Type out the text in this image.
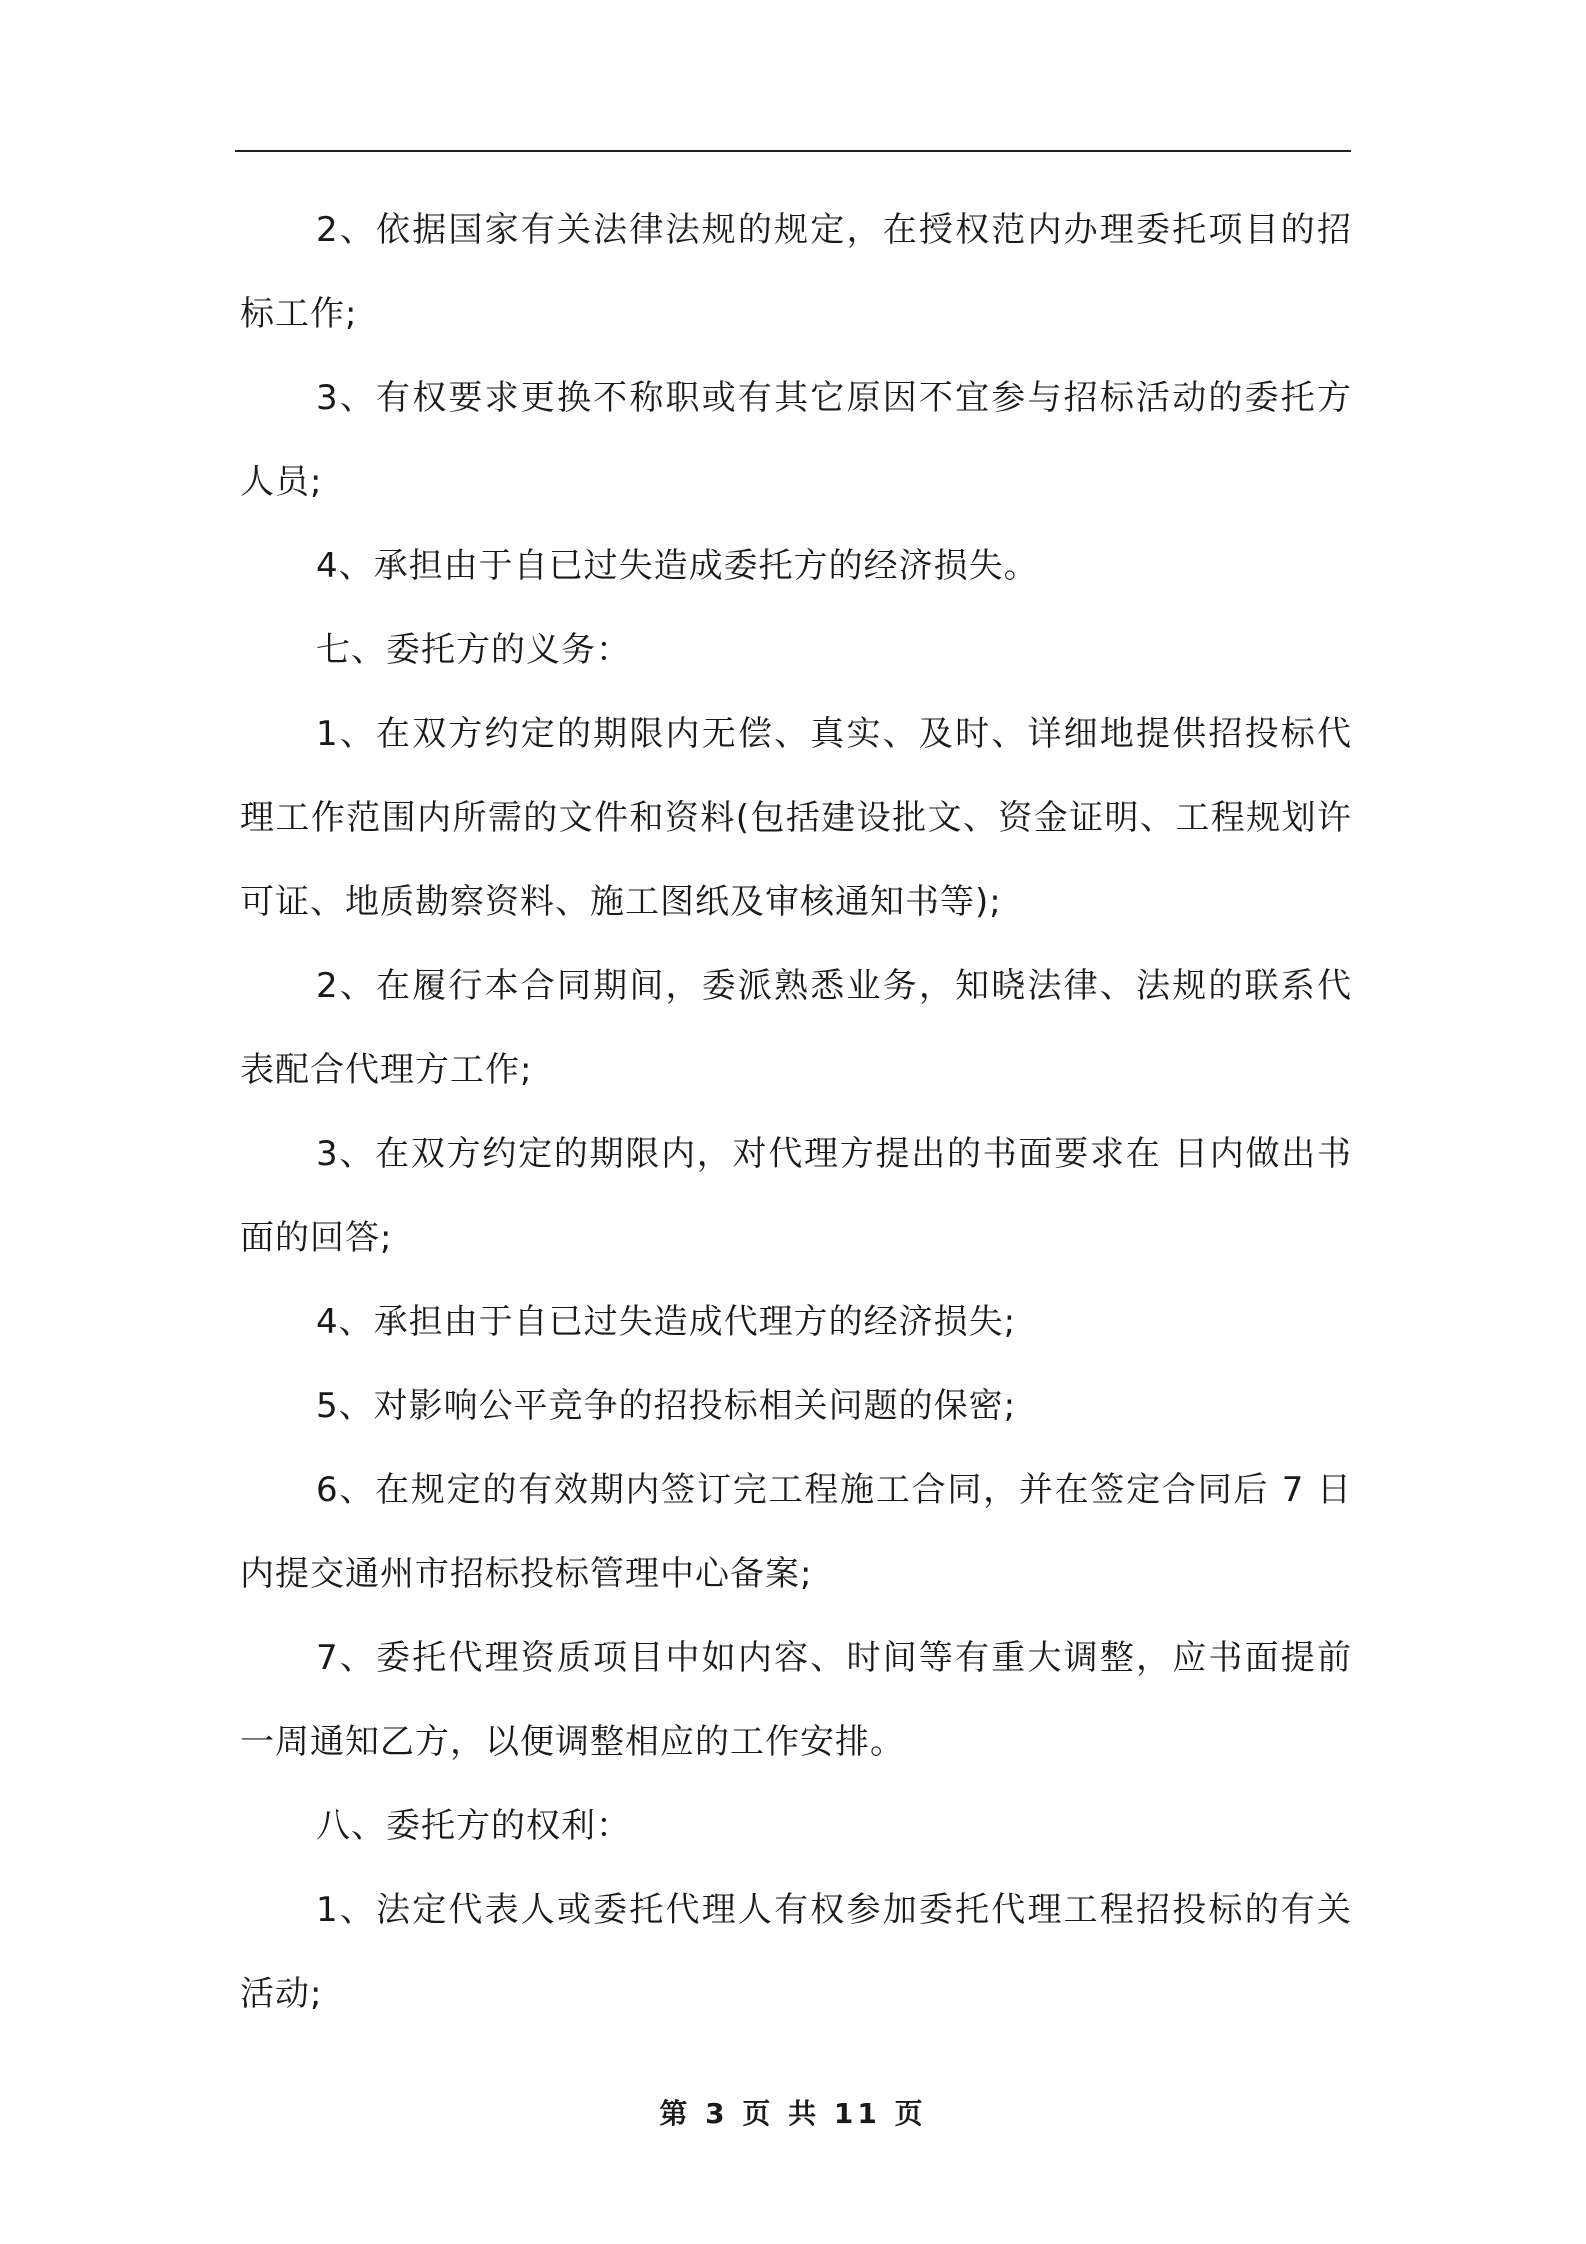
2、依据国家有关法律法规的规定，在授权范内办理委托项目的招标工作;

3、有权要求更换不称职或有其它原因不宜参与招标活动的委托方人员;

4、承担由于自已过失造成委托方的经济损失。

七、委托方的义务：

1、在双方约定的期限内无偿、真实、及时、详细地提供招投标代理工作范围内所需的文件和资料(包括建设批文、资金证明、工程规划许可证、地质勘察资料、施工图纸及审核通知书等);

2、在履行本合同期间，委派熟悉业务，知晓法律、法规的联系代表配合代理方工作;

3、在双方约定的期限内，对代理方提出的书面要求在 日内做出书面的回答;

4、承担由于自已过失造成代理方的经济损失;

5、对影响公平竞争的招投标相关问题的保密;

6、在规定的有效期内签订完工程施工合同，并在签定合同后 7 日内提交通州市招标投标管理中心备案;

7、委托代理资质项目中如内容、时间等有重大调整，应书面提前一周通知乙方，以便调整相应的工作安排。

八、委托方的权利：

1、法定代表人或委托代理人有权参加委托代理工程招投标的有关活动;

第 3 页 共 11 页
